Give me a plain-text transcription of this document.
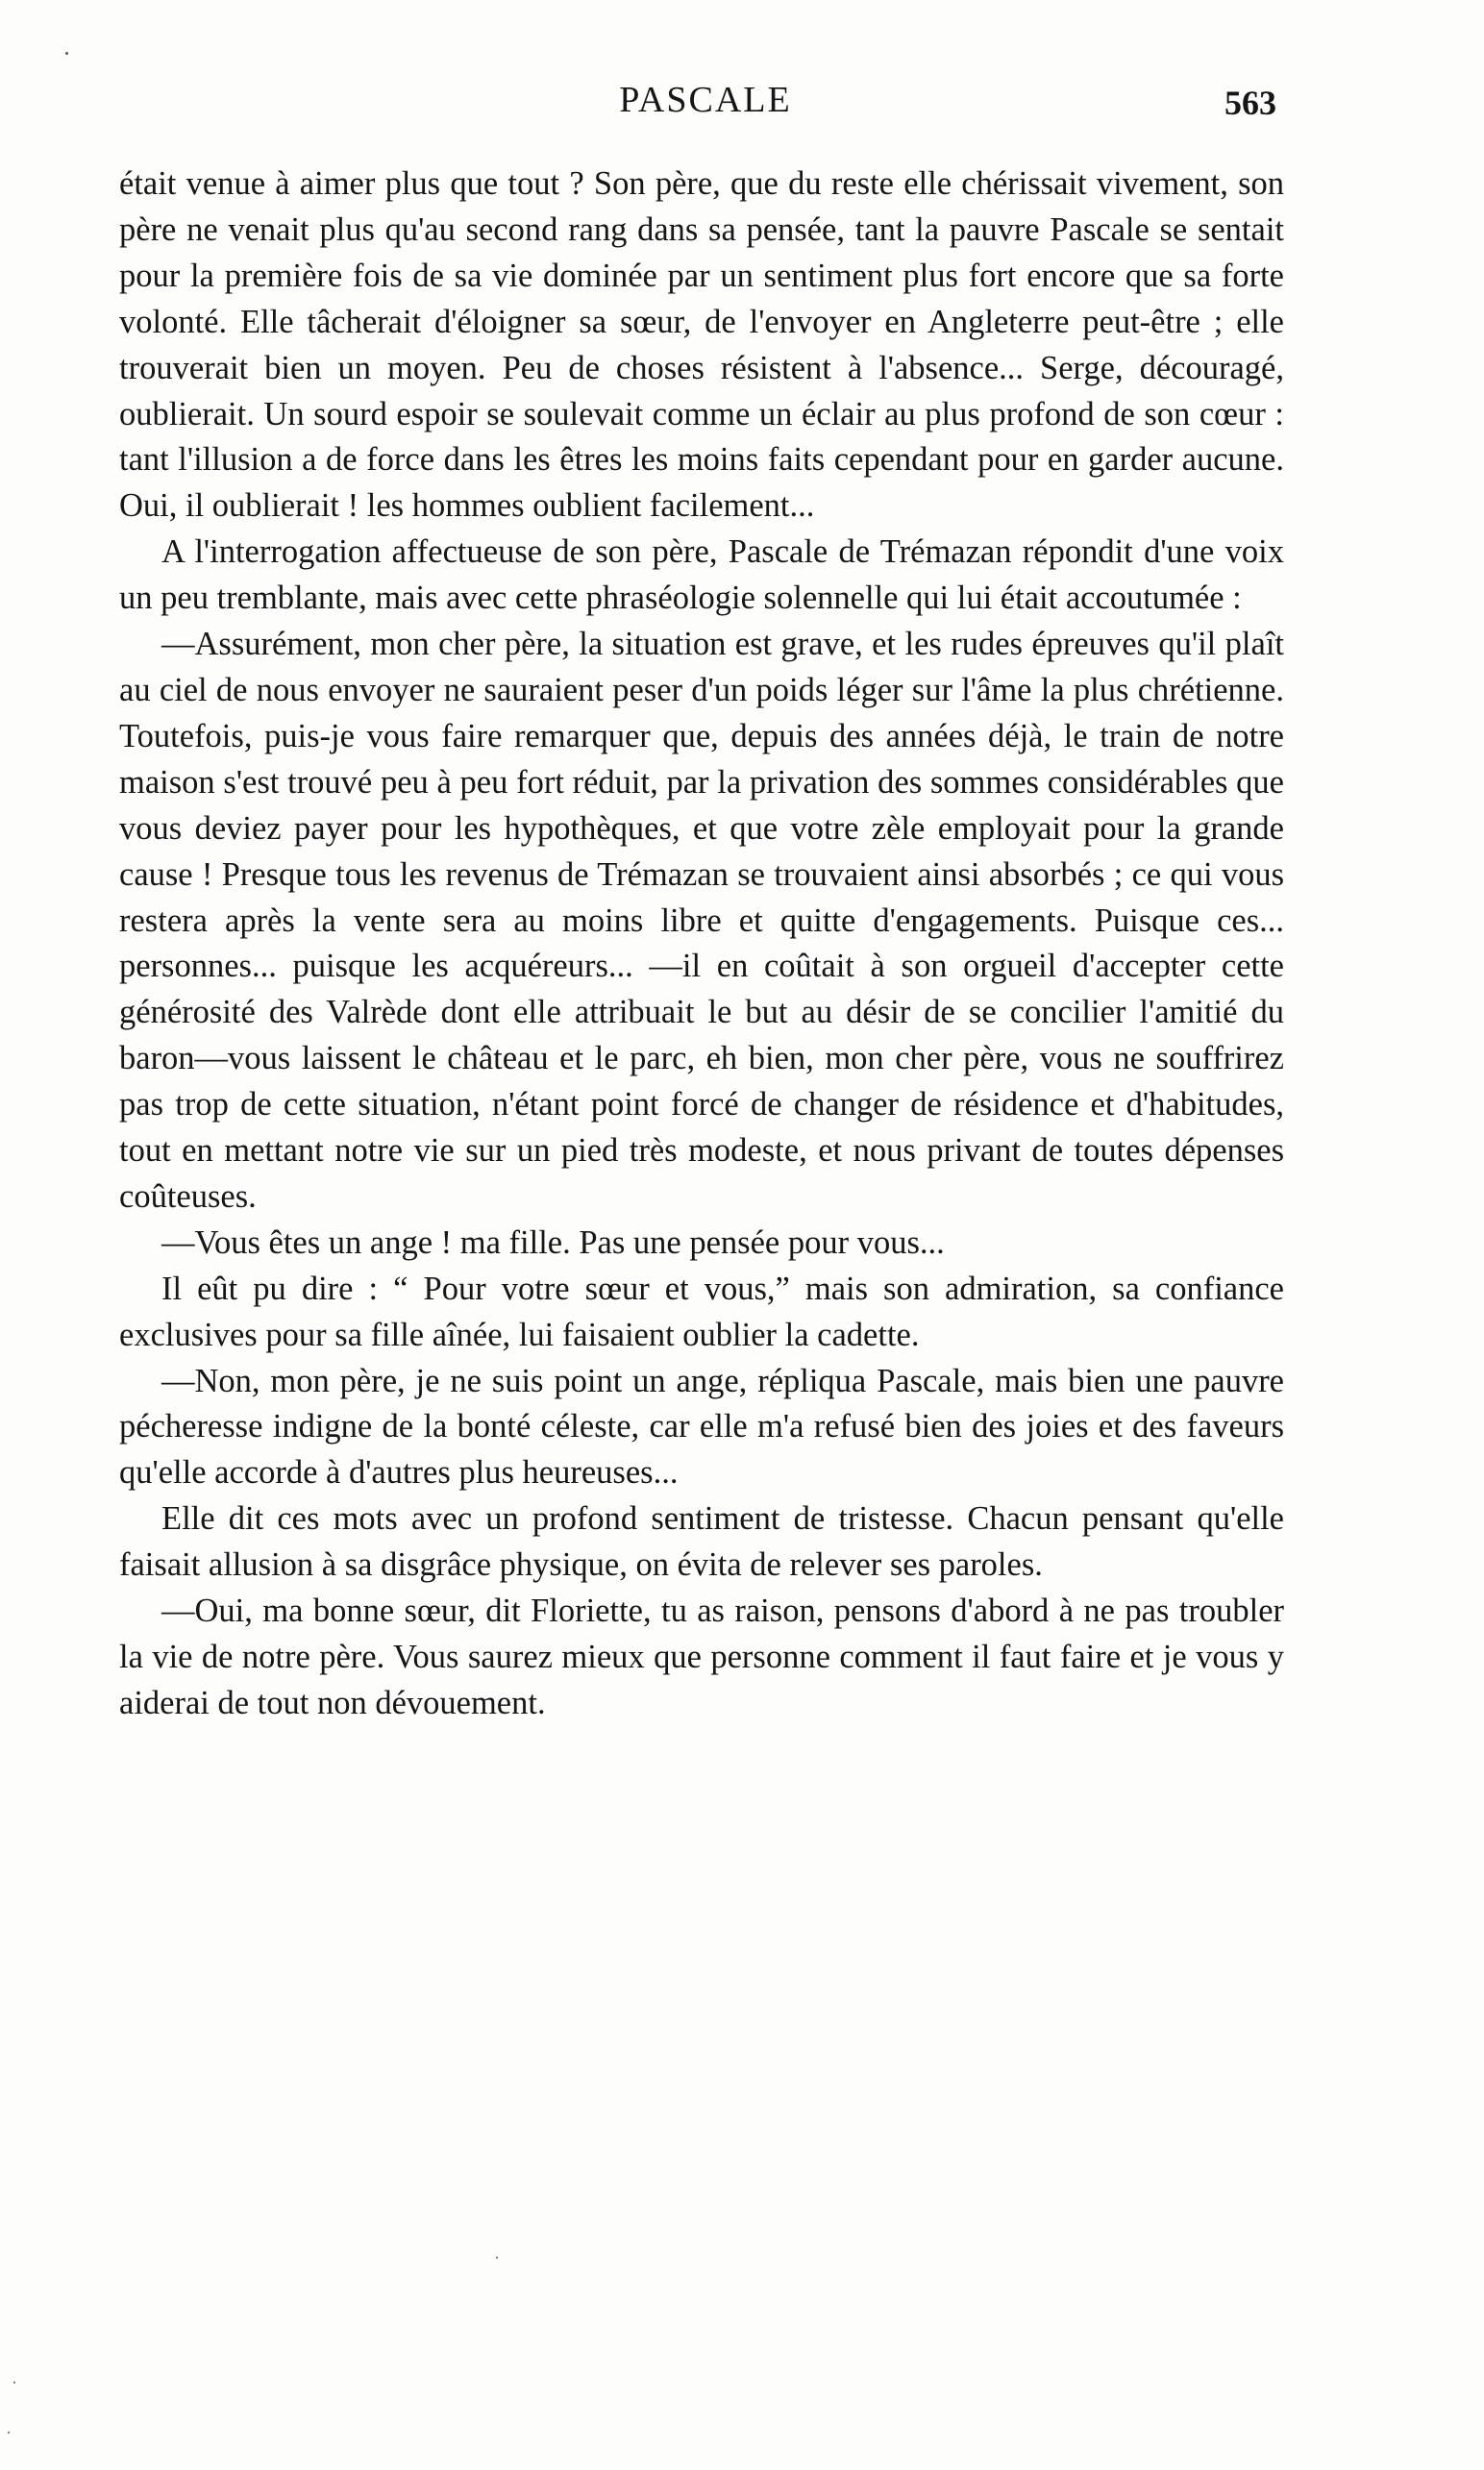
PASCALE	563

était venue à aimer plus que tout ? Son père, que du reste elle chérissait vivement, son père ne venait plus qu'au second rang dans sa pensée, tant la pauvre Pascale se sentait pour la première fois de sa vie dominée par un sentiment plus fort encore que sa forte volonté. Elle tâcherait d'éloigner sa sœur, de l'envoyer en Angleterre peut-être ; elle trouverait bien un moyen. Peu de choses résistent à l'absence... Serge, découragé, oublierait. Un sourd espoir se soulevait comme un éclair au plus profond de son cœur : tant l'illusion a de force dans les êtres les moins faits cependant pour en garder aucune. Oui, il oublierait ! les hommes oublient facilement...

A l'interrogation affectueuse de son père, Pascale de Trémazan répondit d'une voix un peu tremblante, mais avec cette phraséologie solennelle qui lui était accoutumée :

—Assurément, mon cher père, la situation est grave, et les rudes épreuves qu'il plaît au ciel de nous envoyer ne sauraient peser d'un poids léger sur l'âme la plus chrétienne. Toutefois, puis-je vous faire remarquer que, depuis des années déjà, le train de notre maison s'est trouvé peu à peu fort réduit, par la privation des sommes considérables que vous deviez payer pour les hypothèques, et que votre zèle employait pour la grande cause ! Presque tous les revenus de Trémazan se trouvaient ainsi absorbés ; ce qui vous restera après la vente sera au moins libre et quitte d'engagements. Puisque ces... personnes... puisque les acquéreurs... —il en coûtait à son orgueil d'accepter cette générosité des Valrède dont elle attribuait le but au désir de se concilier l'amitié du baron—vous laissent le château et le parc, eh bien, mon cher père, vous ne souffrirez pas trop de cette situation, n'étant point forcé de changer de résidence et d'habitudes, tout en mettant notre vie sur un pied très modeste, et nous privant de toutes dépenses coûteuses.

—Vous êtes un ange ! ma fille. Pas une pensée pour vous...

Il eût pu dire : “ Pour votre sœur et vous,” mais son admiration, sa confiance exclusives pour sa fille aînée, lui faisaient oublier la cadette.

—Non, mon père, je ne suis point un ange, répliqua Pascale, mais bien une pauvre pécheresse indigne de la bonté céleste, car elle m'a refusé bien des joies et des faveurs qu'elle accorde à d'autres plus heureuses...

Elle dit ces mots avec un profond sentiment de tristesse. Chacun pensant qu'elle faisait allusion à sa disgrâce physique, on évita de relever ses paroles.

—Oui, ma bonne sœur, dit Floriette, tu as raison, pensons d'abord à ne pas troubler la vie de notre père. Vous saurez mieux que personne comment il faut faire et je vous y aiderai de tout non dévouement.
